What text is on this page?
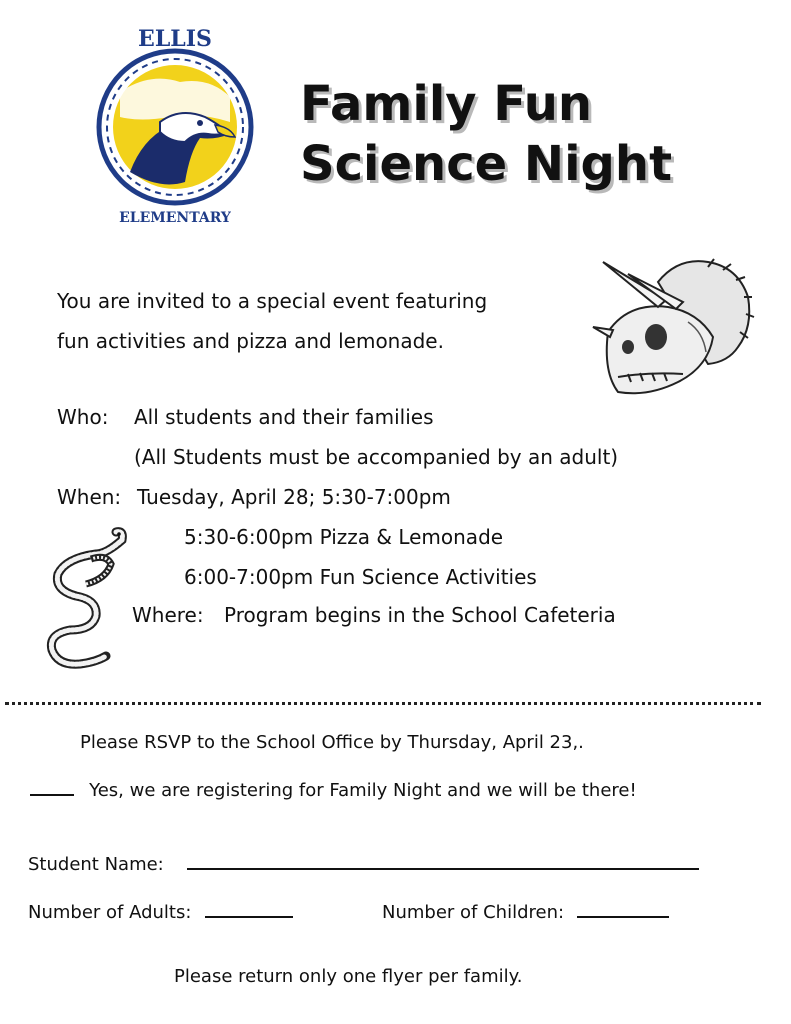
ELLIS
ELEMENTARY
Family Fun
Science Night
You are invited to a special event featuring
fun activities and pizza and lemonade.
Who: All students and their families
(All Students must be accompanied by an adult)
When: Tuesday, April 28; 5:30-7:00pm
5:30-6:00pm Pizza & Lemonade
6:00-7:00pm Fun Science Activities
Where: Program begins in the School Cafeteria
Please RSVP to the School Office by Thursday, April 23,.
Yes, we are registering for Family Night and we will be there!
Student Name:
Number of Adults:	Number of Children:
Please return only one flyer per family.
